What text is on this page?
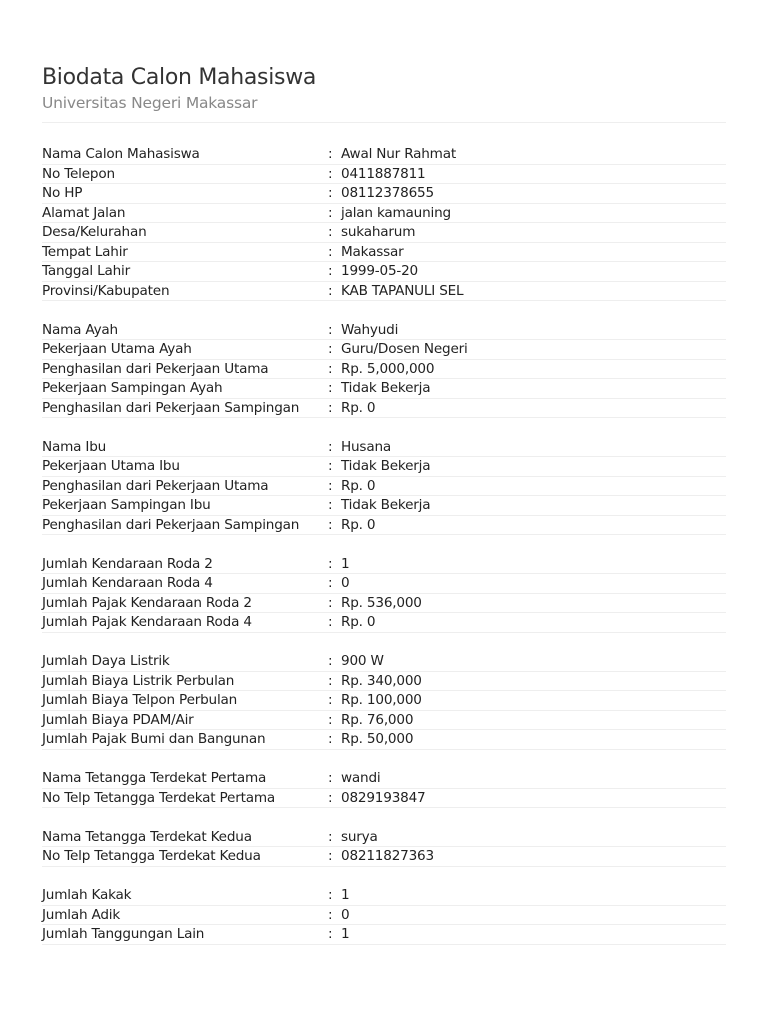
Biodata Calon Mahasiswa
Universitas Negeri Makassar
Nama Calon Mahasiswa	: Awal Nur Rahmat
No Telepon	: 0411887811
No HP	: 08112378655
Alamat Jalan	: jalan kamauning
Desa/Kelurahan	: sukaharum
Tempat Lahir	: Makassar
Tanggal Lahir	: 1999-05-20
Provinsi/Kabupaten	: KAB TAPANULI SEL
Nama Ayah	: Wahyudi
Pekerjaan Utama Ayah	: Guru/Dosen Negeri
Penghasilan dari Pekerjaan Utama	: Rp. 5,000,000
Pekerjaan Sampingan Ayah	: Tidak Bekerja
Penghasilan dari Pekerjaan Sampingan	: Rp. 0
Nama Ibu	: Husana
Pekerjaan Utama Ibu	: Tidak Bekerja
Penghasilan dari Pekerjaan Utama	: Rp. 0
Pekerjaan Sampingan Ibu	: Tidak Bekerja
Penghasilan dari Pekerjaan Sampingan	: Rp. 0
Jumlah Kendaraan Roda 2	: 1
Jumlah Kendaraan Roda 4	: 0
Jumlah Pajak Kendaraan Roda 2	: Rp. 536,000
Jumlah Pajak Kendaraan Roda 4	: Rp. 0
Jumlah Daya Listrik	: 900 W
Jumlah Biaya Listrik Perbulan	: Rp. 340,000
Jumlah Biaya Telpon Perbulan	: Rp. 100,000
Jumlah Biaya PDAM/Air	: Rp. 76,000
Jumlah Pajak Bumi dan Bangunan	: Rp. 50,000
Nama Tetangga Terdekat Pertama	: wandi
No Telp Tetangga Terdekat Pertama	: 0829193847
Nama Tetangga Terdekat Kedua	: surya
No Telp Tetangga Terdekat Kedua	: 08211827363
Jumlah Kakak	: 1
Jumlah Adik	: 0
Jumlah Tanggungan Lain	: 1
